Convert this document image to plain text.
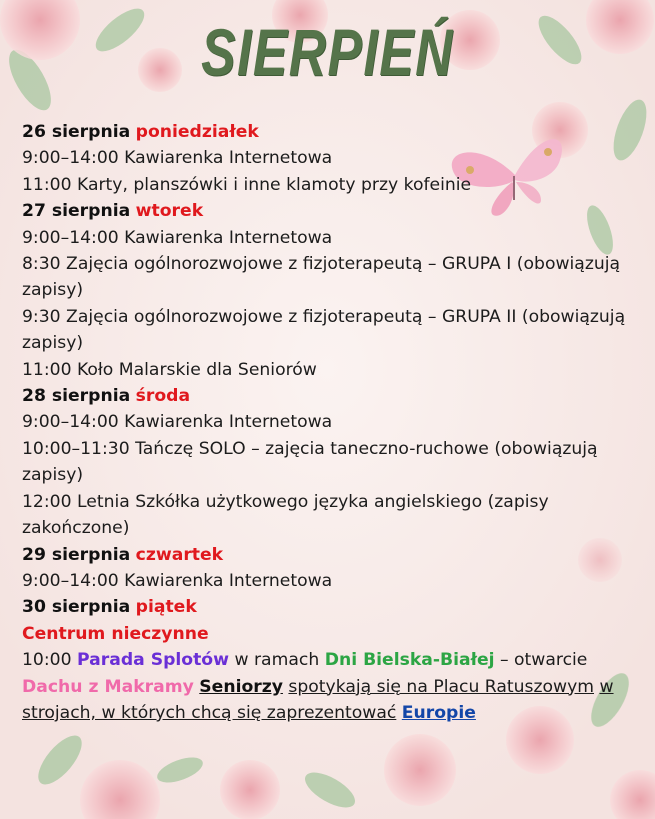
SIERPIEŃ
26 sierpnia poniedziałek
9:00–14:00 Kawiarenka Internetowa
11:00 Karty, planszówki i inne klamoty przy kofeinie
27 sierpnia wtorek
9:00–14:00 Kawiarenka Internetowa
8:30 Zajęcia ogólnorozwojowe z fizjoterapeutą – GRUPA I (obowiązują zapisy)
9:30 Zajęcia ogólnorozwojowe z fizjoterapeutą – GRUPA II (obowiązują zapisy)
11:00 Koło Malarskie dla Seniorów
28 sierpnia środa
9:00–14:00 Kawiarenka Internetowa
10:00–11:30 Tańczę SOLO – zajęcia taneczno-ruchowe (obowiązują zapisy)
12:00 Letnia Szkółka użytkowego języka angielskiego (zapisy zakończone)
29 sierpnia czwartek
9:00–14:00 Kawiarenka Internetowa
30 sierpnia piątek
Centrum nieczynne
10:00 Parada Splotów w ramach Dni Bielska-Białej – otwarcie Dachu z Makramy Seniorzy spotykają się na Placu Ratuszowym w strojach, w których chcą się zaprezentować Europie
